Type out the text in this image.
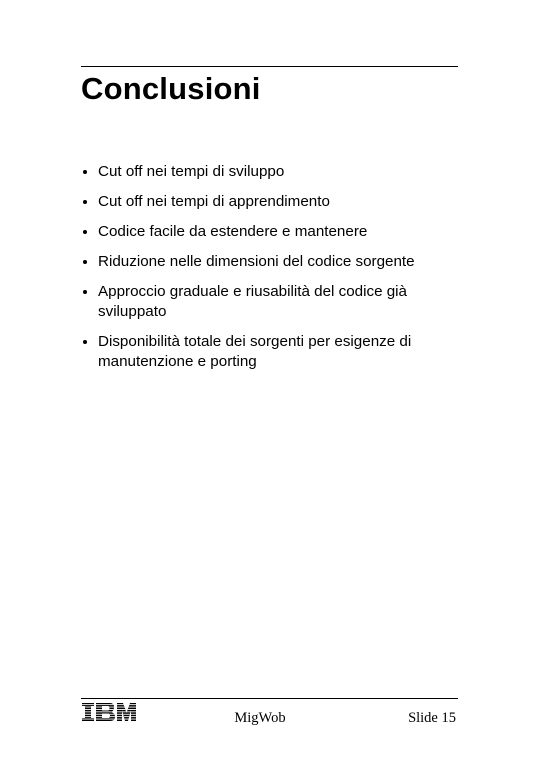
Conclusioni
Cut off nei tempi di sviluppo
Cut off nei tempi di apprendimento
Codice facile da estendere e mantenere
Riduzione nelle dimensioni del codice sorgente
Approccio graduale e riusabilità del codice già sviluppato
Disponibilità totale dei sorgenti per esigenze di manutenzione e porting
MigWob	Slide 15
